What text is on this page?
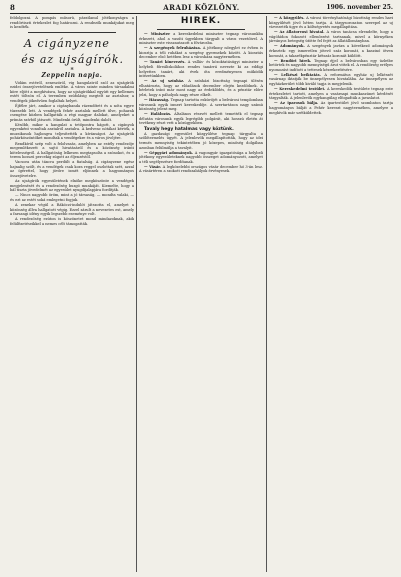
8	ARADI KÖZLÖNY.	1906. november 25.

feldolgozni. A pompás műsorú, páratlanul jótékonyságra a rendőrtiszti értekezlet fog határozni. A rendezők munkájukat meg is kezdték.

A cigányzene
és az ujságírók.
✻
Zeppelin napja.

Vidám estéről, zeneszóról, vig hangulatról szól az ujságírók ezidei összejövetelének emléke. A város szinte minden társadalmi köre eljött a meghívásra, hogy az ujságírókkal együtt egy kellemes estét töltsön el. A teremben zsúfolásig megtelt az asztalsor, a vendégek jókedvűen foglaltak helyet.

Éjfélre járt, amikor a cigánybanda rázendített és a nóta egyre tüzesebb lett. A vendégek fehér asztalok mellett ülve, poharak csengése közben hallgatták a régi magyar dalokat, amelyeket a prímás szívből játszott. Mindenki örült, mindenki dalolt.

Később, mikor a hangulat a tetőpontra hágott, a cigányok egyenként vonultak asztalról asztalra. A kedvenc nótákat kérték, a muzsikusok hajlongva teljesítették a kívánságot. Az ujságírók pohárköszöntőket mondtak a vendégekre és a város jövőjére.

Rendkívül szép volt a felolvasás, amelyben az estély rendezője megemlékezett a sajtó hivatásáról és a közönség iránti kötelességről. A hallgatóság lelkesen megtapsolta a szónokot, és a terem hosszú percekig zúgott az éljenzéstől.

Vacsora után táncra perdült a fiatalság. A cigányzene egész hajnalig szólt, és a vendégek csak kora reggel oszlottak szét, azzal az ígérettel, hogy jövőre ismét eljönnek a hagyományos összejövetelre.

Az ujságírók egyesületének elnöke megköszönte a vendégek megjelenését és a rendezőség buzgó munkáját. Kiemelte, hogy a bál tiszta jövedelmét az egyesület nyugdíjalapjára fordítják.

— Nincs nagyobb öröm, mint a jó társaság, — mondta valaki, — és ezt az estét soká emlegetni fogjuk.

A zenekar végül a Rákóczi-indulót játszotta el, amelyet a közönség állva hallgatott végig. Ezzel zárult a nevezetes est, amely a farsangi idény egyik legszebb eseménye volt.

A rendezőség ezúton is köszönetet mond mindazoknak, akik felülfizetéseikkel a nemes célt támogatták.

HÍREK.

— Miniszter a kereskedelmi miniszter tegnap városunkba érkezett, ahol a vasúti ügyekben tárgyalt a város vezetőivel. A miniszter este visszautazott a fővárosba.

— A szegények felruházása. A jótékony nőegylet ez évben is kiosztja a téli ruhákat a szegény gyermekek között. A kiosztás december első hetében lesz a városháza nagytermében.

— Tanári kinevezés. A vallás- és közoktatásügyi miniszter a helybeli főreáliskolához rendes tanárrá nevezte ki az eddigi helyettes tanárt, aki évek óta eredményesen működik intézetünkben.

— Az uj színház. A színházi bizottság tegnapi ülésén elhatározta, hogy az előadások december elején kezdődnek. A bérletek iránt már most nagy az érdeklődés, és a pénztár előre jelzi, hogy a páholyok nagy része elkelt.

— Házasság. Tegnap tartotta esküvőjét a belvárosi templomban városunk egyik ismert kereskedője. A szertartáson nagy számú közönség jelent meg.

— Halálozás. Általános részvét mellett temették el tegnap délután városunk egyik legrégibb polgárát, aki hosszú életén át tevékeny részt vett a közügyekben.

Tavaly hegy hatalmas vagy köztünk.

A gazdasági egyesület közgyűlése tegnap tárgyalta a szőlőtermelés ügyét. A jelenlevők megállapították, hogy az idei termés mennyiség tekintetében jó közepes, minőség dolgában azonban felülmúlja a tavalyit.

— Gépgyári adományok. A vagongyár igazgatósága a helybeli jótékony egyesületeknek nagyobb összeget adományozott, amelyet a téli segélyezésre fordítanak.

— Vásár. A legközelebbi országos vásár december hó 3-án lesz. A vásártéren a szokott rendszabályok érvényesek.

— A közgyűlés. A városi törvényhatósági bizottság rendes havi közgyűlését jövő héten tartja. A tárgysorozaton szerepel az uj vízvezeték ügye és a költségvetés megállapítása.

— Az állatorvosi hivatal. A város tanácsa elrendelte, hogy a vágóhídon fokozott ellenőrzést tartsanak, mivel a környéken járványos betegség ütötte fel fejét az állatállományban.

— Adományok. A szegények javára a következő adományok érkeztek: egy ismeretlen jótevő száz koronát, a kaszinó ötven koronát, a takarékpénztár kétszáz koronát küldött.

— Rendőri hírek. Tegnap éjjel a belvárosban egy üzletbe betörtek és nagyobb mennyiségű árut vittek el. A rendőrség erélyes nyomozást indított a tettesek kézrekerítésére.

— Lelkészi beiktatás. A református egyház uj lelkészét vasárnap iktatják be ünnepélyesen hivatalába. Az ünnepélyen az egyházkerület több kiváló tagja is megjelenik.

— Kereskedelmi testület. A kereskedők testülete tegnap este értekezletet tartott, amelyen a vasárnapi munkaszünet kérdését tárgyalták. A jelenlevők egyhangúlag elfogadták a javaslatot.

— Az iparosok bálja. Az ipartestület jövő szombaton tartja hagyományos bálját a Fehér kereszt nagytermében, amelyre a meghívók már szétküldettek.
